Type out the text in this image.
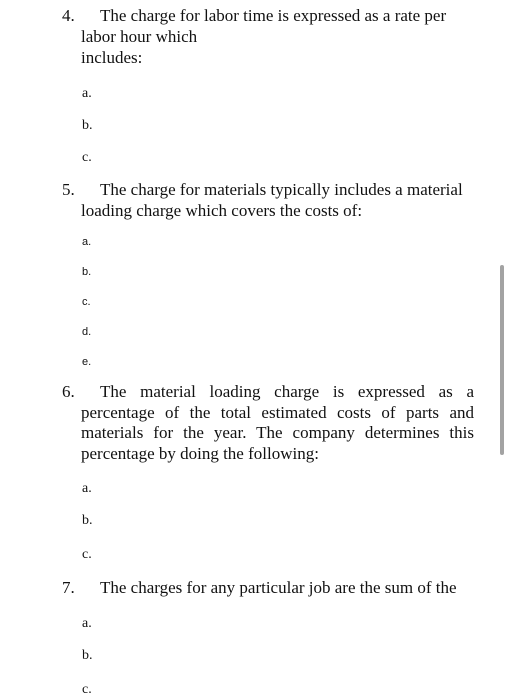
4. The charge for labor time is expressed as a rate per
labor hour which
includes:
a.
b.
c.
5. The charge for materials typically includes a material
loading charge which covers the costs of:
a.
b.
c.
d.
e.
6.	The material loading charge is expressed as a percentage of the total estimated costs of parts and materials for the year. The company determines this percentage by doing the following:

a.
b.
c.
7. The charges for any particular job are the sum of the
a.
b.
c.
